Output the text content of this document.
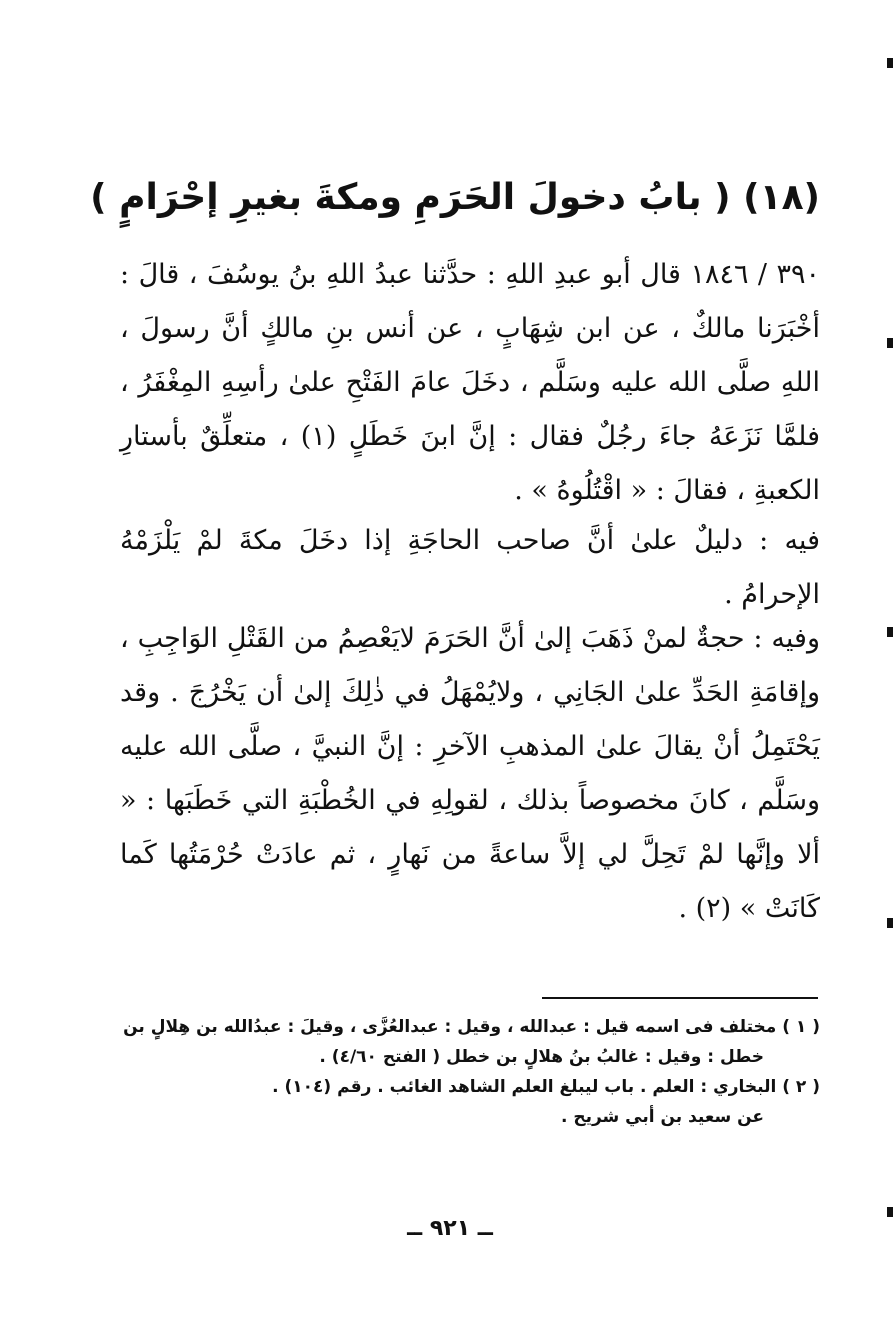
(١٨) ( بابُ دخولَ الحَرَمِ ومكةَ بغيرِ إحْرَامٍ )
٣٩٠ / ١٨٤٦ قال أبو عبدِ اللهِ : حدَّثنا عبدُ اللهِ بنُ يوسُفَ ، قالَ : أخْبَرَنا مالكٌ ، عن ابن شِهَابٍ ، عن أنس بنِ مالكٍ أنَّ رسولَ ، اللهِ صلَّى الله عليه وسَلَّم ، دخَلَ عامَ الفَتْحِ علىٰ رأسِهِ المِغْفَرُ ، فلمَّا نَزَعَهُ جاءَ رجُلٌ فقال : إنَّ ابنَ خَطَلٍ (١) ، متعلِّقٌ بأستارِ الكعبةِ ، فقالَ : « اقْتُلُوهُ » .
فيه : دليلٌ علىٰ أنَّ صاحب الحاجَةِ إذا دخَلَ مكةَ لمْ يَلْزَمْهُ الإحرامُ .
وفيه : حجةٌ لمنْ ذَهَبَ إلىٰ أنَّ الحَرَمَ لايَعْصِمُ من القَتْلِ الوَاجِبِ ، وإقامَةِ الحَدِّ علىٰ الجَانِي ، ولايُمْهَلُ في ذٰلِكَ إلىٰ أن يَخْرُجَ . وقد يَحْتَمِلُ أنْ يقالَ علىٰ المذهبِ الآخرِ : إنَّ النبيَّ ، صلَّى الله عليه وسَلَّم ، كانَ مخصوصاً بذلك ، لقولِهِ في الخُطْبَةِ التي خَطَبَها : « ألا وإنَّها لمْ تَحِلَّ لي إلاَّ ساعةً من نَهارٍ ، ثم عادَتْ حُرْمَتُها كَما كَانَتْ » (٢) .

( ١ ) مختلف فى اسمه قيل : عبدالله ، وقيل : عبدالعُزَّى ، وقيلَ : عبدُالله بن هِلالٍ بن

خطل : وقيل : غالبُ بنُ هلالٍ بن خطل ( الفتح ٤/٦٠) .

( ٢ ) البخاري : العلم . باب ليبلغ العلم الشاهد الغائب . رقم (١٠٤) .

عن سعيد بن أبي شريح .

ــ ٩٢١ ــ
